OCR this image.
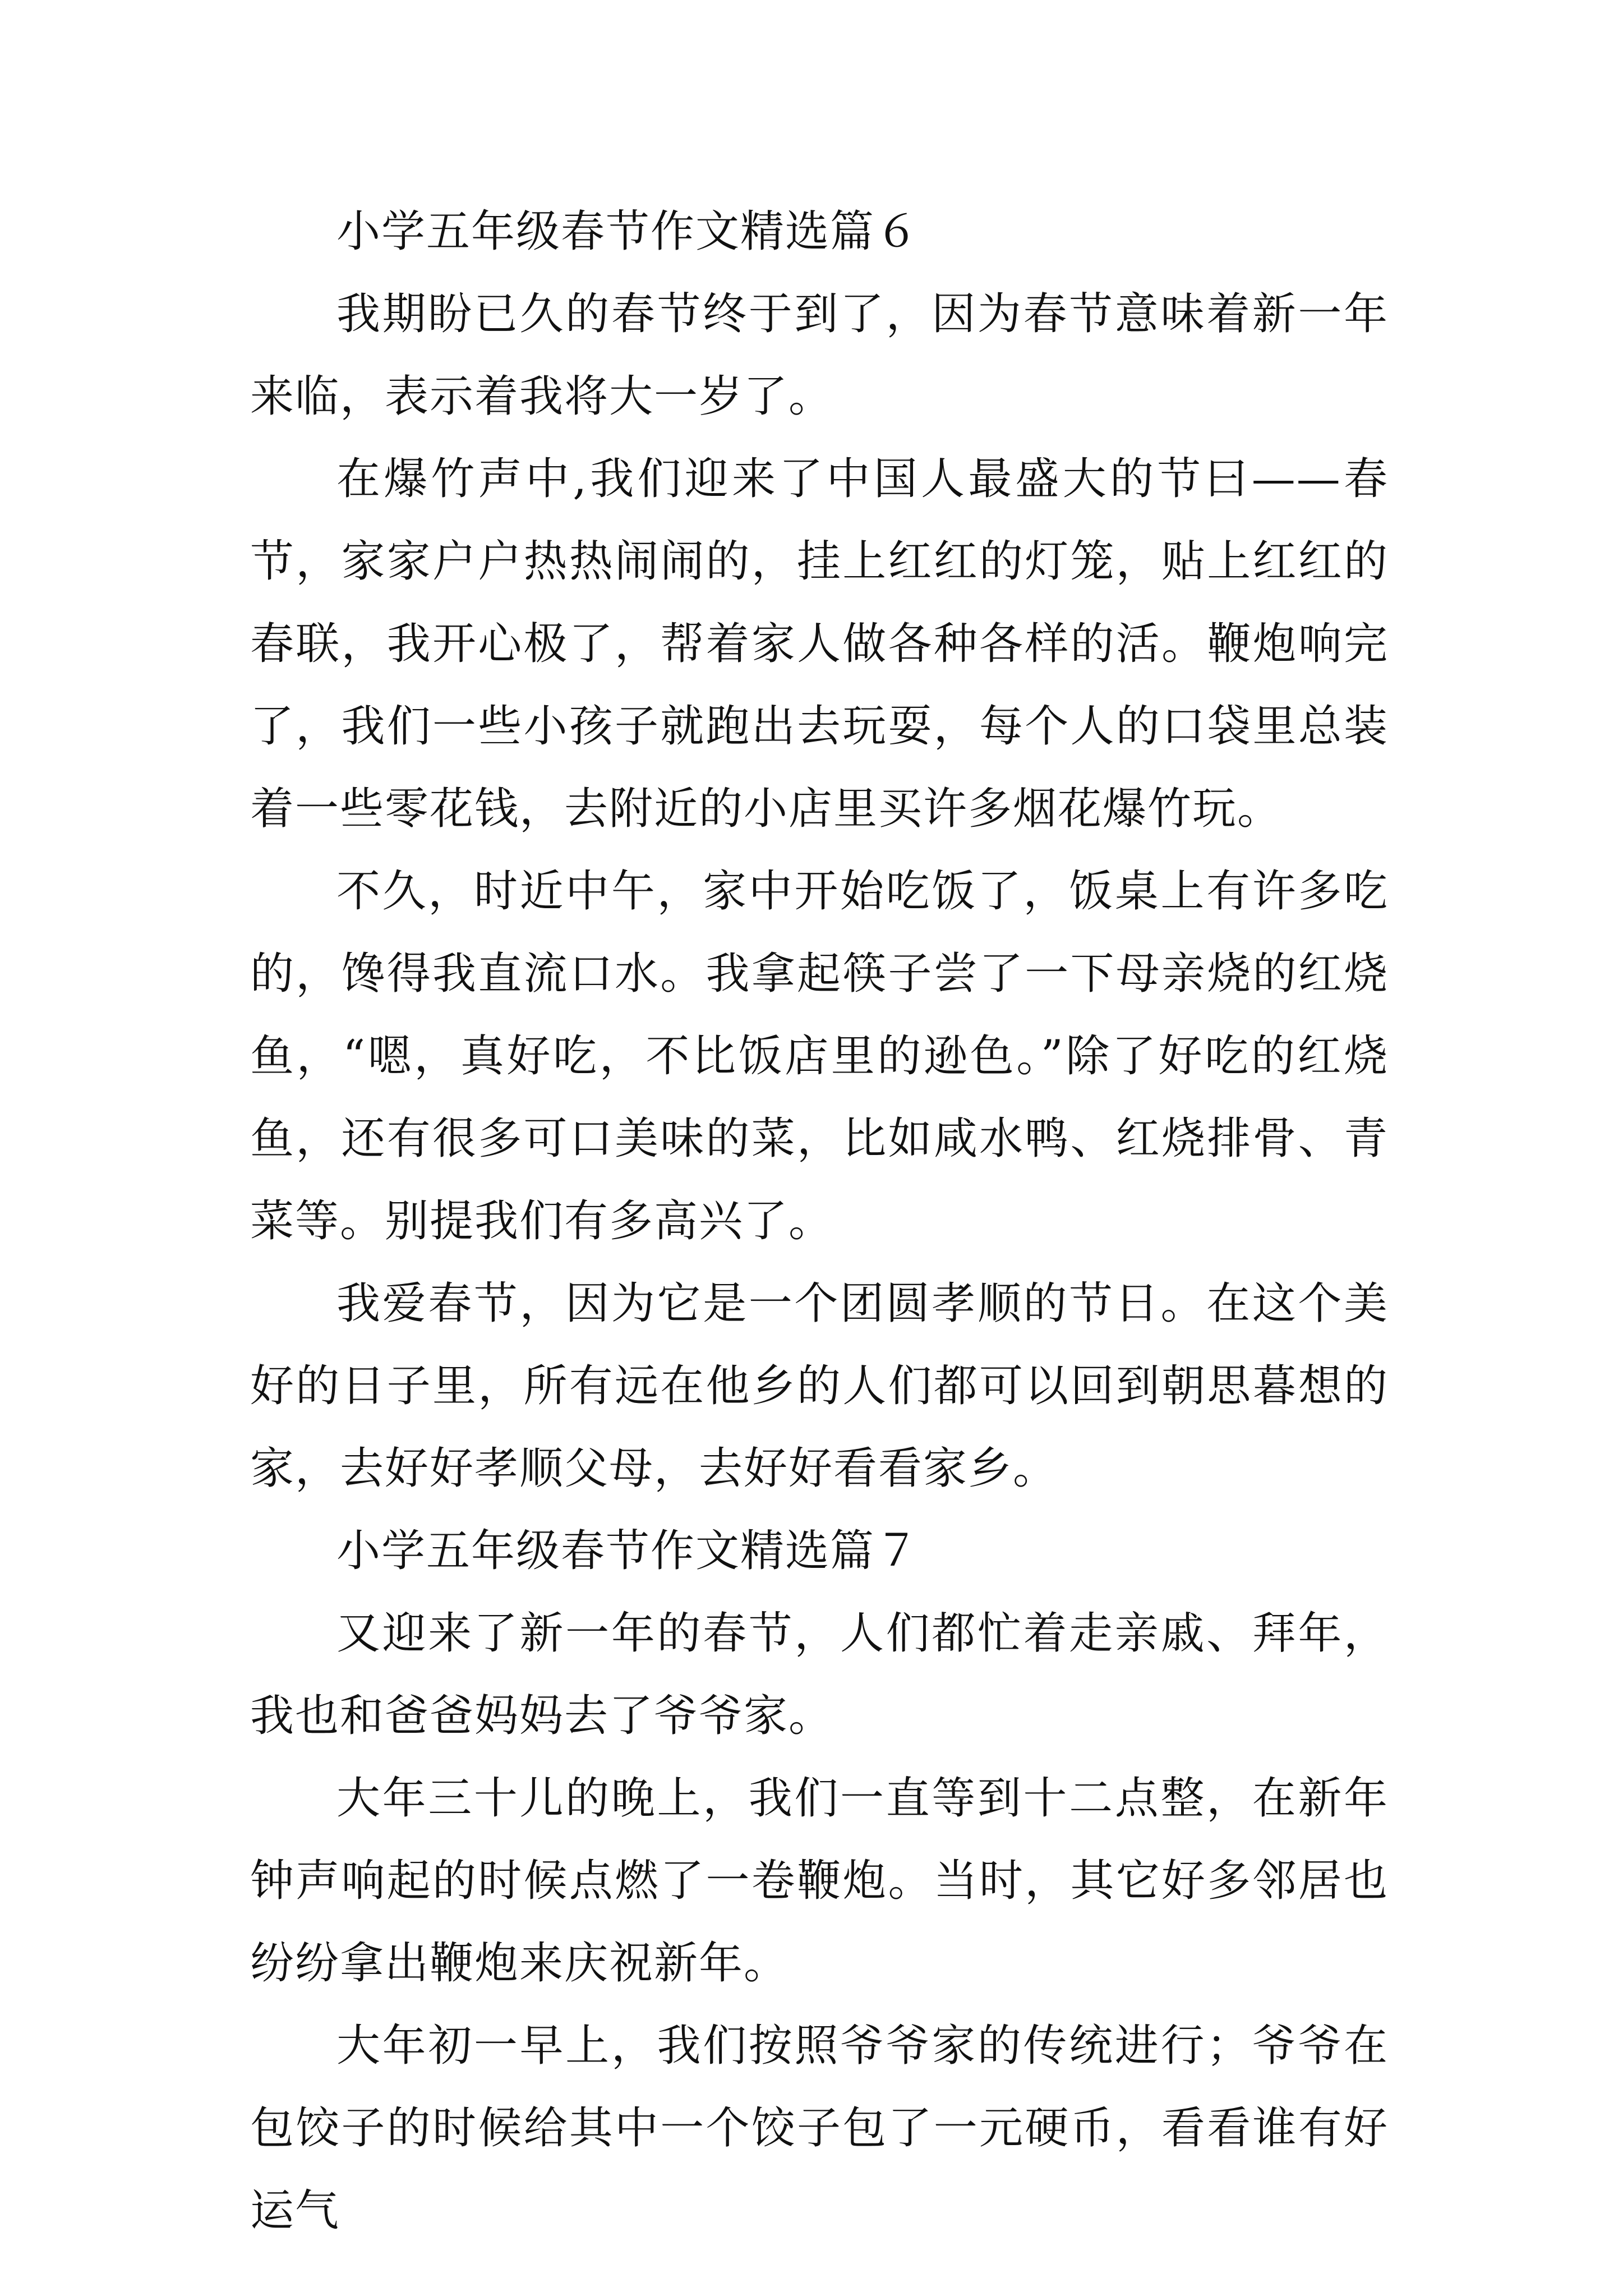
小学五年级春节作文精选篇６

我期盼已久的春节终于到了，因为春节意味着新一年来临，表示着我将大一岁了。

在爆竹声中,我们迎来了中国人最盛大的节曰——春节，家家户户热热闹闹的，挂上红红的灯笼，贴上红红的春联，我开心极了，帮着家人做各种各样的活。鞭炮响完了，我们一些小孩子就跑出去玩耍，每个人的口袋里总装着一些零花钱，去附近的小店里买许多烟花爆竹玩。

不久，时近中午，家中开始吃饭了，饭桌上有许多吃的，馋得我直流口水。我拿起筷子尝了一下母亲烧的红烧鱼，“嗯，真好吃，不比饭店里的逊色。”除了好吃的红烧鱼，还有很多可口美味的菜，比如咸水鸭、红烧排骨、青菜等。别提我们有多高兴了。

我爱春节，因为它是一个团圆孝顺的节日。在这个美好的日子里，所有远在他乡的人们都可以回到朝思暮想的家，去好好孝顺父母，去好好看看家乡。

小学五年级春节作文精选篇７

又迎来了新一年的春节，人们都忙着走亲戚、拜年，我也和爸爸妈妈去了爷爷家。

大年三十儿的晚上，我们一直等到十二点整，在新年钟声响起的时候点燃了一卷鞭炮。当时，其它好多邻居也纷纷拿出鞭炮来庆祝新年。

大年初一早上，我们按照爷爷家的传统进行；爷爷在包饺子的时候给其中一个饺子包了一元硬币，看看谁有好运气
